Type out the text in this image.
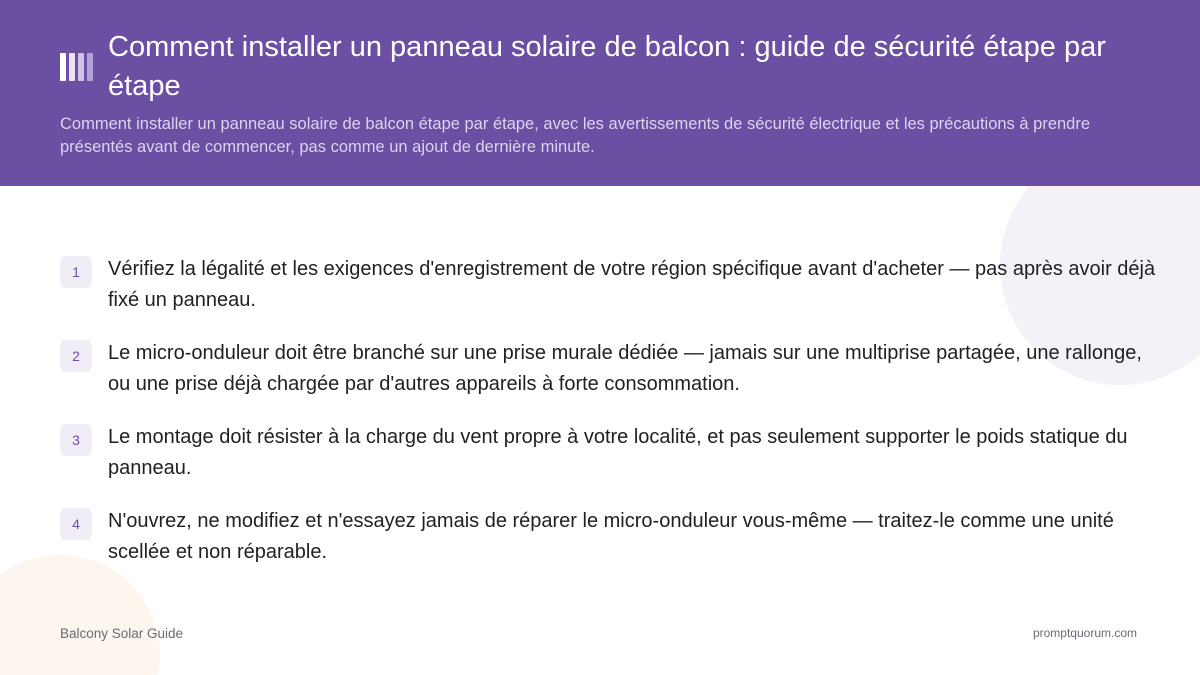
Comment installer un panneau solaire de balcon : guide de sécurité étape par étape

Comment installer un panneau solaire de balcon étape par étape, avec les avertissements de sécurité électrique et les précautions à prendre présentés avant de commencer, pas comme un ajout de dernière minute.

1	Vérifiez la légalité et les exigences d'enregistrement de votre région spécifique avant d'acheter — pas après avoir déjà fixé un panneau.
2	Le micro-onduleur doit être branché sur une prise murale dédiée — jamais sur une multiprise partagée, une rallonge, ou une prise déjà chargée par d'autres appareils à forte consommation.
3	Le montage doit résister à la charge du vent propre à votre localité, et pas seulement supporter le poids statique du panneau.
4	N'ouvrez, ne modifiez et n'essayez jamais de réparer le micro-onduleur vous-même — traitez-le comme une unité scellée et non réparable.
Balcony Solar Guide	promptquorum.com
